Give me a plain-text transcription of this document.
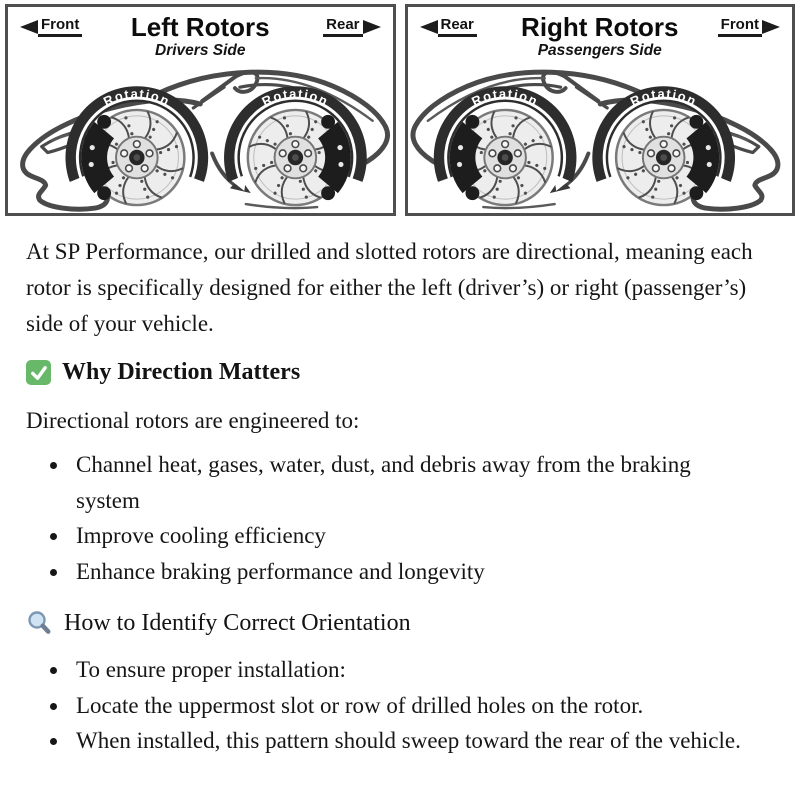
Rotation	Rotation
Front Left Rotors
Drivers Side
Rear
Rotation	Rotation
Rear Right Rotors
Passengers Side
Front

At SP Performance, our drilled and slotted rotors are directional, meaning each rotor is specifically designed for either the left (driver’s) or right (passenger’s) side of your vehicle.

Why Direction Matters

Directional rotors are engineered to:

• Channel heat, gases, water, dust, and debris away from the braking system
• Improve cooling efficiency
• Enhance braking performance and longevity
How to Identify Correct Orientation
• To ensure proper installation:
• Locate the uppermost slot or row of drilled holes on the rotor.
• When installed, this pattern should sweep toward the rear of the vehicle.
